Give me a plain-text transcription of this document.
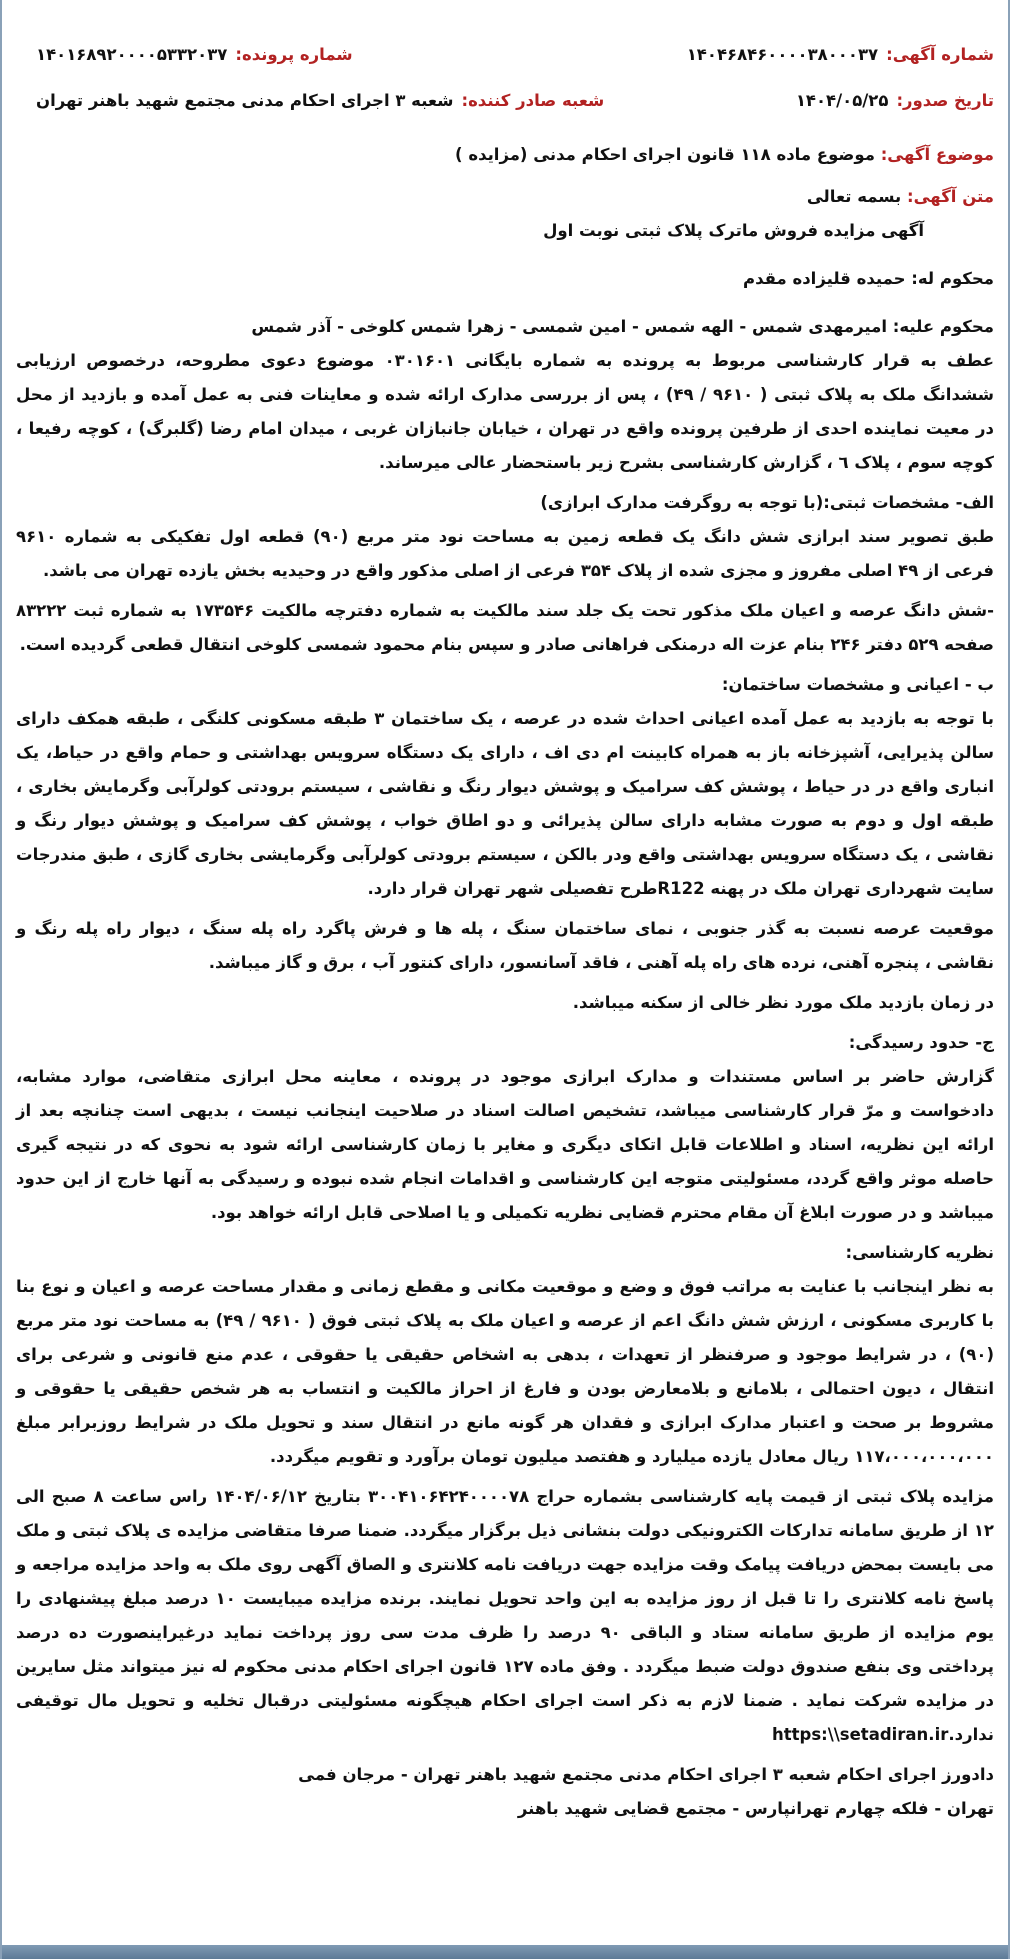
شماره آگهی:
۱۴۰۴۶۸۴۶۰۰۰۰۳۸۰۰۰۳۷
شماره پرونده:
۱۴۰۱۶۸۹۲۰۰۰۰۵۳۳۲۰۳۷
تاریخ صدور:
۱۴۰۴/۰۵/۲۵
شعبه صادر کننده:
شعبه ۳ اجرای احکام مدنی مجتمع شهید باهنر تهران
موضوع آگهی: موضوع ماده ۱۱۸ قانون اجرای احکام مدنی (مزایده )
متن آگهی: بسمه تعالی
آگهی مزایده فروش ماترک پلاک ثبتی نوبت اول
محکوم له: حمیده قلیزاده مقدم
محکوم علیه: امیرمهدی شمس - الهه شمس - امین شمسی - زهرا شمس کلوخی - آذر شمس

عطف به قرار کارشناسی مربوط به پرونده به شماره بایگانی ۰۳۰۱۶۰۱ موضوع دعوی مطروحه، درخصوص ارزیابی ششدانگ ملک به پلاک ثبتی ( ۹۶۱۰ / ۴۹) ، پس از بررسی مدارک ارائه شده و معاینات فنی به عمل آمده و بازدید از محل در معیت نماینده احدی از طرفین پرونده واقع در تهران ، خیابان جانبازان غربی ، میدان امام رضا (گلبرگ) ، کوچه رفیعا ، کوچه سوم ، پلاک ٦ ، گزارش کارشناسی بشرح زیر باستحضار عالی میرساند.

الف- مشخصات ثبتی:(با توجه به روگرفت مدارک ابرازی)

طبق تصویر سند ابرازی شش دانگ یک قطعه زمین به مساحت نود متر مربع (۹۰) قطعه اول تفکیکی به شماره ۹۶۱۰ فرعی از ۴۹ اصلی مفروز و مجزی شده از پلاک ۳۵۴ فرعی از اصلی مذکور واقع در وحیدیه بخش یازده تهران می باشد.

-شش دانگ عرصه و اعیان ملک مذکور تحت یک جلد سند مالکیت به شماره دفترچه مالکیت ۱۷۳۵۴۶ به شماره ثبت ۸۳۲۲۲ صفحه ۵۲۹ دفتر ۲۴۶ بنام عزت اله درمنکی فراهانی صادر و سپس بنام محمود شمسی کلوخی انتقال قطعی گردیده است.

ب - اعیانی و مشخصات ساختمان:

با توجه به بازدید به عمل آمده اعیانی احداث شده در عرصه ، یک ساختمان ۳ طبقه مسکونی کلنگی ، طبقه همکف دارای سالن پذیرایی، آشپزخانه باز به همراه کابینت ام دی اف ، دارای یک دستگاه سرویس بهداشتی و حمام واقع در حیاط، یک انباری واقع در در حیاط ، پوشش کف سرامیک و پوشش دیوار رنگ و نقاشی ، سیستم برودتی کولرآبی وگرمایش بخاری ، طبقه اول و دوم به صورت مشابه دارای سالن پذیرائی و دو اطاق خواب ، پوشش کف سرامیک و پوشش دیوار رنگ و نقاشی ، یک دستگاه سرویس بهداشتی واقع ودر بالکن ، سیستم برودتی کولرآبی وگرمایشی بخاری گازی ، طبق مندرجات سایت شهرداری تهران ملک در پهنه R122طرح تفصیلی شهر تهران قرار دارد.

موقعیت عرصه نسبت به گذر جنوبی ، نمای ساختمان سنگ ، پله ها و فرش پاگرد راه پله سنگ ، دیوار راه پله رنگ و نقاشی ، پنجره آهنی، نرده های راه پله آهنی ، فاقد آسانسور، دارای کنتور آب ، برق و گاز میباشد.

در زمان بازدید ملک مورد نظر خالی از سکنه میباشد.

ج- حدود رسیدگی:

گزارش حاضر بر اساس مستندات و مدارک ابرازی موجود در پرونده ، معاینه محل ابرازی متقاضی، موارد مشابه، دادخواست و مرّ قرار کارشناسی میباشد، تشخیص اصالت اسناد در صلاحیت اینجانب نیست ، بدیهی است چنانچه بعد از ارائه این نظریه، اسناد و اطلاعات قابل اتکای دیگری و مغایر با زمان کارشناسی ارائه شود به نحوی که در نتیجه گیری حاصله موثر واقع گردد، مسئولیتی متوجه این کارشناسی و اقدامات انجام شده نبوده و رسیدگی به آنها خارج از این حدود میباشد و در صورت ابلاغ آن مقام محترم قضایی نظریه تکمیلی و یا اصلاحی قابل ارائه خواهد بود.

نظریه کارشناسی:

به نظر اینجانب با عنایت به مراتب فوق و وضع و موقعیت مکانی و مقطع زمانی و مقدار مساحت عرصه و اعیان و نوع بنا با کاربری مسکونی ، ارزش شش دانگ اعم از عرصه و اعیان ملک به پلاک ثبتی فوق ( ۹۶۱۰ / ۴۹) به مساحت نود متر مربع (۹۰) ، در شرایط موجود و صرفنظر از تعهدات ، بدهی به اشخاص حقیقی یا حقوقی ، عدم منع قانونی و شرعی برای انتقال ، دیون احتمالی ، بلامانع و بلامعارض بودن و فارغ از احراز مالکیت و انتساب به هر شخص حقیقی یا حقوقی و مشروط بر صحت و اعتبار مدارک ابرازی و فقدان هر گونه مانع در انتقال سند و تحویل ملک در شرایط روزبرابر مبلغ ۱۱۷،۰۰۰،۰۰۰،۰۰۰ ریال معادل یازده میلیارد و هفتصد میلیون تومان برآورد و تقویم میگردد.

مزایده پلاک ثبتی از قیمت پایه کارشناسی بشماره حراج ۳۰۰۴۱۰۶۴۲۴۰۰۰۰۷۸ بتاریخ ۱۴۰۴/۰۶/۱۲ راس ساعت ۸ صبح الی ۱۲ از طریق سامانه تدارکات الکترونیکی دولت بنشانی ذیل برگزار میگردد. ضمنا صرفا متقاضی مزایده ی پلاک ثبتی و ملک می بایست بمحض دریافت پیامک وقت مزایده جهت دریافت نامه کلانتری و الصاق آگهی روی ملک به واحد مزایده مراجعه و پاسخ نامه کلانتری را تا قبل از روز مزایده به این واحد تحویل نمایند. برنده مزایده میبایست ۱۰ درصد مبلغ پیشنهادی را یوم مزایده از طریق سامانه ستاد و الباقی ۹۰ درصد را ظرف مدت سی روز پرداخت نماید درغیراینصورت ده درصد پرداختی وی بنفع صندوق دولت ضبط میگردد . وفق ماده ۱۲۷ قانون اجرای احکام مدنی محکوم له نیز میتواند مثل سایرین در مزایده شرکت نماید . ضمنا لازم به ذکر است اجرای احکام هیچگونه مسئولیتی درقبال تخلیه و تحویل مال توقیفی ندارد.https:\\setadiran.ir

دادورز اجرای احکام شعبه ۳ اجرای احکام مدنی مجتمع شهید باهنر تهران - مرجان فمی
تهران - فلکه چهارم تهرانپارس - مجتمع قضایی شهید باهنر
